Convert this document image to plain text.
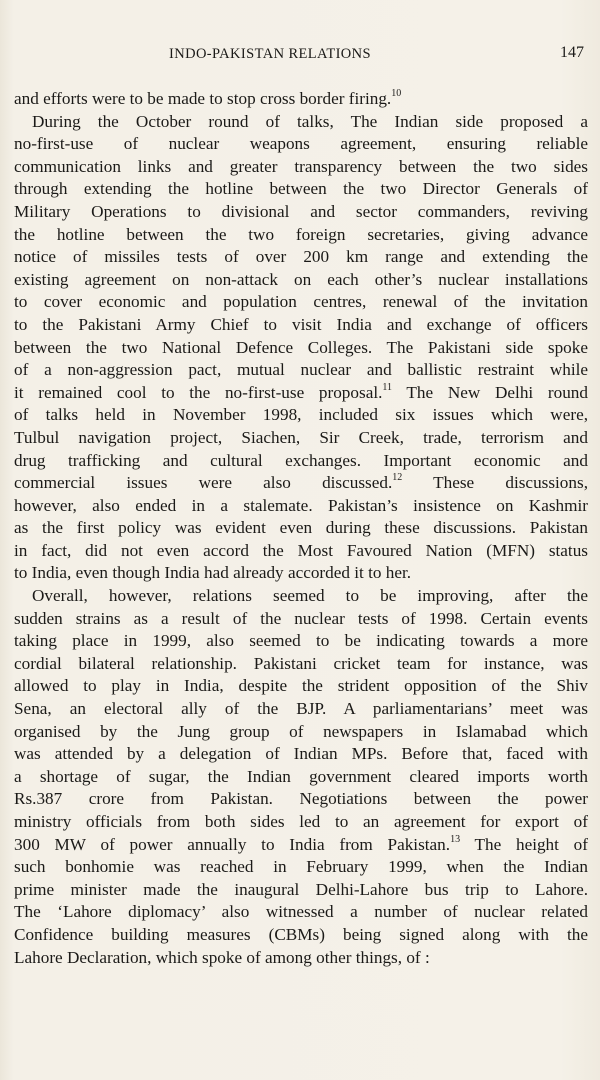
INDO-PAKISTAN RELATIONS	147
and efforts were to be made to stop cross border firing.$^{10}$
During the October round of talks, The Indian side proposed a
no-first-use of nuclear weapons agreement, ensuring reliable
communication links and greater transparency between the two sides
through extending the hotline between the two Director Generals of
Military Operations to divisional and sector commanders, reviving
the hotline between the two foreign secretaries, giving advance
notice of missiles tests of over 200 km range and extending the
existing agreement on non-attack on each other’s nuclear installations
to cover economic and population centres, renewal of the invitation
to the Pakistani Army Chief to visit India and exchange of officers
between the two National Defence Colleges. The Pakistani side spoke
of a non-aggression pact, mutual nuclear and ballistic restraint while
it remained cool to the no-first-use proposal.$^{11}$ The New Delhi round
of talks held in November 1998, included six issues which were,
Tulbul navigation project, Siachen, Sir Creek, trade, terrorism and
drug trafficking and cultural exchanges. Important economic and
commercial issues were also discussed.$^{12}$ These discussions,
however, also ended in a stalemate. Pakistan’s insistence on Kashmir
as the first policy was evident even during these discussions. Pakistan
in fact, did not even accord the Most Favoured Nation (MFN) status
to India, even though India had already accorded it to her.
Overall, however, relations seemed to be improving, after the
sudden strains as a result of the nuclear tests of 1998. Certain events
taking place in 1999, also seemed to be indicating towards a more
cordial bilateral relationship. Pakistani cricket team for instance, was
allowed to play in India, despite the strident opposition of the Shiv
Sena, an electoral ally of the BJP. A parliamentarians’ meet was
organised by the Jung group of newspapers in Islamabad which
was attended by a delegation of Indian MPs. Before that, faced with
a shortage of sugar, the Indian government cleared imports worth
Rs.387 crore from Pakistan. Negotiations between the power
ministry officials from both sides led to an agreement for export of
300 MW of power annually to India from Pakistan.$^{13}$ The height of
such bonhomie was reached in February 1999, when the Indian
prime minister made the inaugural Delhi-Lahore bus trip to Lahore.
The ‘Lahore diplomacy’ also witnessed a number of nuclear related
Confidence building measures (CBMs) being signed along with the
Lahore Declaration, which spoke of among other things, of :
